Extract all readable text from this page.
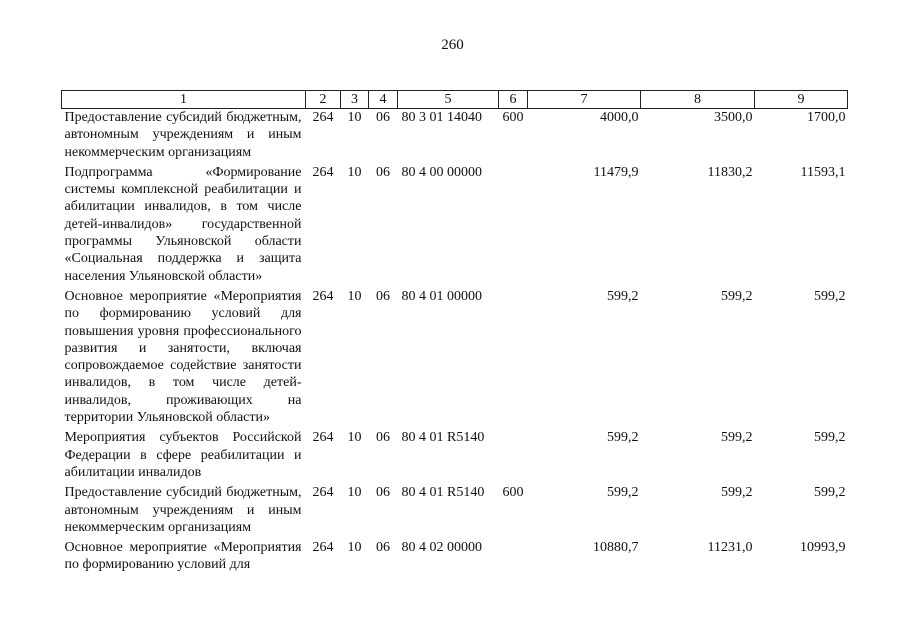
260
1	2	3	4	5	6	7	8	9
Предоставление субсидий бюджетным, автономным учреждениям и иным некоммерческим организациям	264	10	06	80 3 01 14040	600	4000,0	3500,0	1700,0
Подпрограмма «Формирование системы комплексной реабилитации и абилитации инвалидов, в том числе детей-инвалидов» государственной программы Ульяновской области «Социальная поддержка и защита населения Ульяновской области»	264	10	06	80 4 00 00000		11479,9	11830,2	11593,1
Основное мероприятие «Мероприятия по формированию условий для повышения уровня профессионального развития и занятости, включая сопровождаемое содействие занятости инвалидов, в том числе детей-инвалидов, проживающих на территории Ульяновской области»	264	10	06	80 4 01 00000		599,2	599,2	599,2
Мероприятия субъектов Российской Федерации в сфере реабилитации и абилитации инвалидов	264	10	06	80 4 01 R5140		599,2	599,2	599,2
Предоставление субсидий бюджетным, автономным учреждениям и иным некоммерческим организациям	264	10	06	80 4 01 R5140	600	599,2	599,2	599,2
Основное мероприятие «Мероприятия по формированию условий для	264	10	06	80 4 02 00000		10880,7	11231,0	10993,9
